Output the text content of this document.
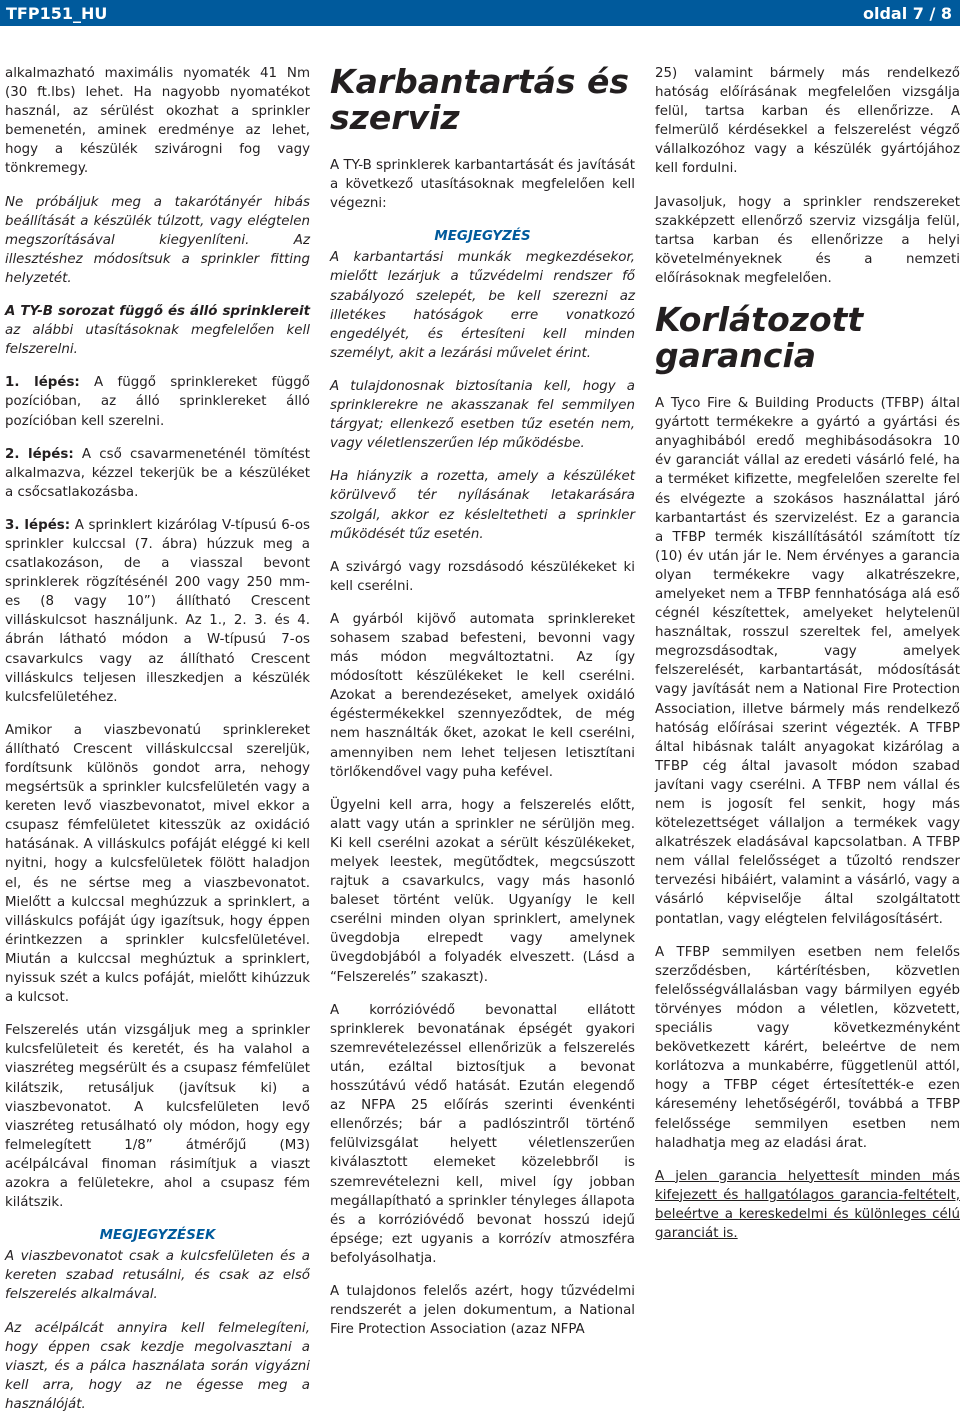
TFP151_HU	oldal 7 / 8

alkalmazható maximális nyomaték 41 Nm (30 ft.lbs) lehet. Ha nagyobb nyomatékot használ, az sérülést okozhat a sprinkler bemenetén, aminek eredménye az lehet, hogy a készülék szivárogni fog vagy tönkremegy.

Ne próbáljuk meg a takarótányér hibás beállítását a készülék túlzott, vagy elégtelen megszorításával kiegyenlíteni. Az illesztéshez módosítsuk a sprinkler fitting helyzetét.

A TY-B sorozat függő és álló sprinklereit az alábbi utasításoknak megfelelően kell felszerelni.

1. lépés: A függő sprinklereket függő pozícióban, az álló sprinklereket álló pozícióban kell szerelni.

2. lépés: A cső csavarmenetén​él tömítést alkalmazva, kézzel tekerjük be a készüléket a csőcsatlakozásba.

3. lépés: A sprinklert kizárólag V-típusú 6-os sprinkler kulccsal (7. ábra) húzzuk meg a csatlakozáson, de a viasszal bevont sprinklerek rögzítésénél 200 vagy 250 mm-es (8 vagy 10”) állítható Crescent villáskulcsot használjunk. Az 1., 2. 3. és 4. ábrán látható módon a W-típusú 7-os csavarkulcs vagy az állítható Crescent villáskulcs teljesen illeszkedjen a készülék kulcsfelületéhez.

Amikor a viaszbevonatú sprinklereket állítható Crescent villáskulccsal szereljük, fordítsunk különös gondot arra, nehogy megsértsük a sprinkler kulcsfelületén vagy a kereten levő viaszbevonatot, mivel ekkor a csupasz fémfelületet kitesszük az oxidáció hatásának. A villáskulcs pofáját eléggé ki kell nyitni, hogy a kulcsfelületek fölött haladjon el, és ne sértse meg a viaszbevonatot. Mielőtt a kulccsal meghúzzuk a sprinklert, a villáskulcs pofáját úgy igazítsuk, hogy éppen érintkezzen a sprinkler kulcsfelületével. Miután a kulccsal meghúztuk a sprinklert, nyissuk szét a kulcs pofáját, mielőtt kihúzzuk a kulcsot.

Felszerelés után vizsgáljuk meg a sprinkler kulcsfelületeit és keretét, és ha valahol a viaszréteg megsérült és a csupasz fémfelület kilátszik, retusáljuk (javítsuk ki) a viaszbevonatot. A kulcsfelületen levő viaszréteg retusálható oly módon, hogy egy felmelegített 1/8” átmérőjű (M3) acélpálcával finoman rásimítjuk a viaszt azokra a felületekre, ahol a csupasz fém kilátszik.

MEGJEGYZÉSEK

A viaszbevonatot csak a kulcsfelületen és a kereten szabad retusálni, és csak az első felszerelés alkalmával.

Az acélpálcát annyira kell felmelegíteni, hogy éppen csak kezdje megolvasztani a viaszt, és a pálca használata során vigyázni kell arra, hogy az ne égesse meg a használóját.

Karbantartás és szerviz

A TY-B sprinklerek karbantartását és javítását a következő utasításoknak megfelelően kell végezni:

MEGJEGYZÉS

A karbantartási munkák megkezdésekor, mielőtt lezárjuk a tűzvédelmi rendszer fő szabályozó szelepét, be kell szerezni az illetékes hatóságok erre vonatkozó engedélyét, és értesíteni kell minden személyt, akit a lezárási művelet érint.

A tulajdonosnak biztosítania kell, hogy a sprinklerekre ne akasszanak fel semmilyen tárgyat; ellenkező esetben tűz esetén nem, vagy véletlenszerűen lép működésbe.

Ha hiányzik a rozetta, amely a készüléket körülvevő tér nyílásának letakarására szolgál, akkor ez késleltetheti a sprinkler működését tűz esetén.

A szivárgó vagy rozsdásodó készülékeket ki kell cserélni.

A gyárból kijövő automata sprinklereket sohasem szabad befesteni, bevonni vagy más módon megváltoztatni. Az így módosított készülékeket le kell cserélni. Azokat a berendezéseket, amelyek oxidáló égéstermékekkel szennyeződtek, de még nem használták őket, azokat le kell cserélni, amennyiben nem lehet teljesen letisztítani törlőkendővel vagy puha kefével.

Ügyelni kell arra, hogy a felszerelés előtt, alatt vagy után a sprinkler ne sérüljön meg. Ki kell cserélni azokat a sérült készülékeket, melyek leestek, megütődtek, megcsúszott rajtuk a csavarkulcs, vagy más hasonló baleset történt velük. Ugyanígy le kell cserélni minden olyan sprinklert, amelynek üvegdobja elrepedt vagy amelynek üvegdobjából a folyadék elveszett. (Lásd a “Felszerelés” szakaszt).

A korrózióvédő bevonattal ellátott sprinklerek bevonatának épségét gyakori szemrevételezéssel ellenőrizük a felszerelés után, ezáltal biztosítjuk a bevonat hosszútávú védő hatását. Ezután elegendő az NFPA 25 előírás szerinti évenkénti ellenőrzés; bár a padlószintről történő felülvizsgálat helyett véletlenszerűen kiválasztott elemeket közelebbről is szemrevételezni kell, mivel így jobban megállapítható a sprinkler tényleges állapota és a korrózióvédő bevonat hosszú idejű épsége; ezt ugyanis a korrózív atmoszféra befolyásolhatja.

A tulajdonos felelős azért, hogy tűzvédelmi rendszerét a jelen dokumentum, a National Fire Protection Association (azaz NFPA

25) valamint bármely más rendelkező hatóság előírásának megfelelően vizsgálja felül, tartsa karban és ellenőrizze. A felmerülő kérdésekkel a felszerelést végző vállalkozóhoz vagy a készülék gyártójához kell fordulni.

Javasoljuk, hogy a sprinkler rendszereket szakképzett ellenőrző szerviz vizsgálja felül, tartsa karban és ellenőrizze a helyi követelményeknek és a nemzeti előírásoknak megfelelően.

Korlátozott garancia

A Tyco Fire & Building Products (TFBP) által gyártott termékekre a gyártó a gyártási és anyaghibából eredő meghibásodásokra 10 év garanciát vállal az eredeti vásárló felé, ha a terméket kifizette, megfelelően szerelte fel és elvégezte a szokásos használattal járó karbantartást és szervizelést. Ez a garancia a TFBP termék kiszállításától számított tíz (10) év után jár le. Nem érvényes a garancia olyan termékekre vagy alkatrészekre, amelyeket nem a TFBP fennhatósága alá eső cégnél készítettek, amelyeket helytelenül használtak, rosszul szereltek fel, amelyek megrozsdásodtak, vagy amelyek felszerelését, karbantartását, módosítását vagy javítását nem a National Fire Protection Association, illetve bármely más rendelkező hatóság előírásai szerint végezték. A TFBP által hibásnak talált anyagokat kizárólag a TFBP cég által javasolt módon szabad javítani vagy cserélni. A TFBP nem vállal és nem is jogosít fel senkit, hogy más kötelezettséget vállaljon a termékek vagy alkatrészek eladásával kapcsolatban. A TFBP nem vállal felelősséget a tűzoltó rendszer tervezési hibáiért, valamint a vásárló, vagy a vásárló képviselője által szolgáltatott pontatlan, vagy elégtelen felvilágosításért.

A TFBP semmilyen esetben nem felelős szerződésben, kártérítésben, közvetlen felelősségvállalásban vagy bármilyen egyéb törvényes módon a véletlen, közvetett, speciális vagy következményként bekövetkezett kárért, beleértve de nem korlátozva a munkabérre, függetlenül attól, hogy a TFBP céget értesítették-e ezen káresemény lehetőségéről, továbbá a TFBP felelőssége semmilyen esetben nem haladhatja meg az eladási árat.

A jelen garancia helyettesít minden más kifejezett és hallgatólagos garancia-feltételt, beleértve a kereskedelmi és különleges célú garanciát is.
